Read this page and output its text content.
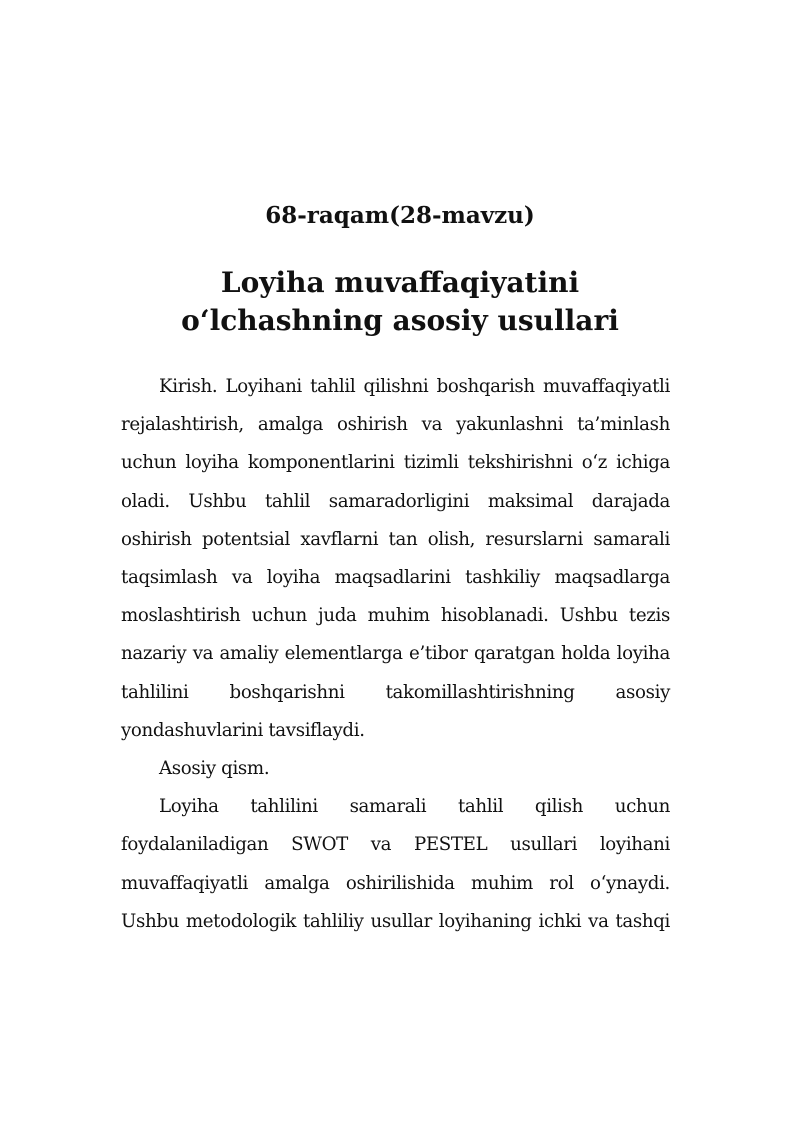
68-raqam(28-mavzu)
Loyiha muvaffaqiyatini o‘lchashning asosiy usullari

Kirish. Loyihani tahlil qilishni boshqarish muvaffaqiyatli rejalashtirish, amalga oshirish va yakunlashni ta’minlash uchun loyiha komponentlarini tizimli tekshirishni o‘z ichiga oladi. Ushbu tahlil samaradorligini maksimal darajada oshirish potentsial xavflarni tan olish, resurslarni samarali taqsimlash va loyiha maqsadlarini tashkiliy maqsadlarga moslashtirish uchun juda muhim hisoblanadi. Ushbu tezis nazariy va amaliy elementlarga e’tibor qaratgan holda loyiha tahlilini boshqarishni takomillashtirishning asosiy yondashuvlarini tavsiflaydi.

Asosiy qism.

Loyiha tahlilini samarali tahlil qilish uchun foydalaniladigan SWOT va PESTEL usullari loyihani muvaffaqiyatli amalga oshirilishida muhim rol o‘ynaydi. Ushbu metodologik tahliliy usullar loyihaning ichki va tashqi
